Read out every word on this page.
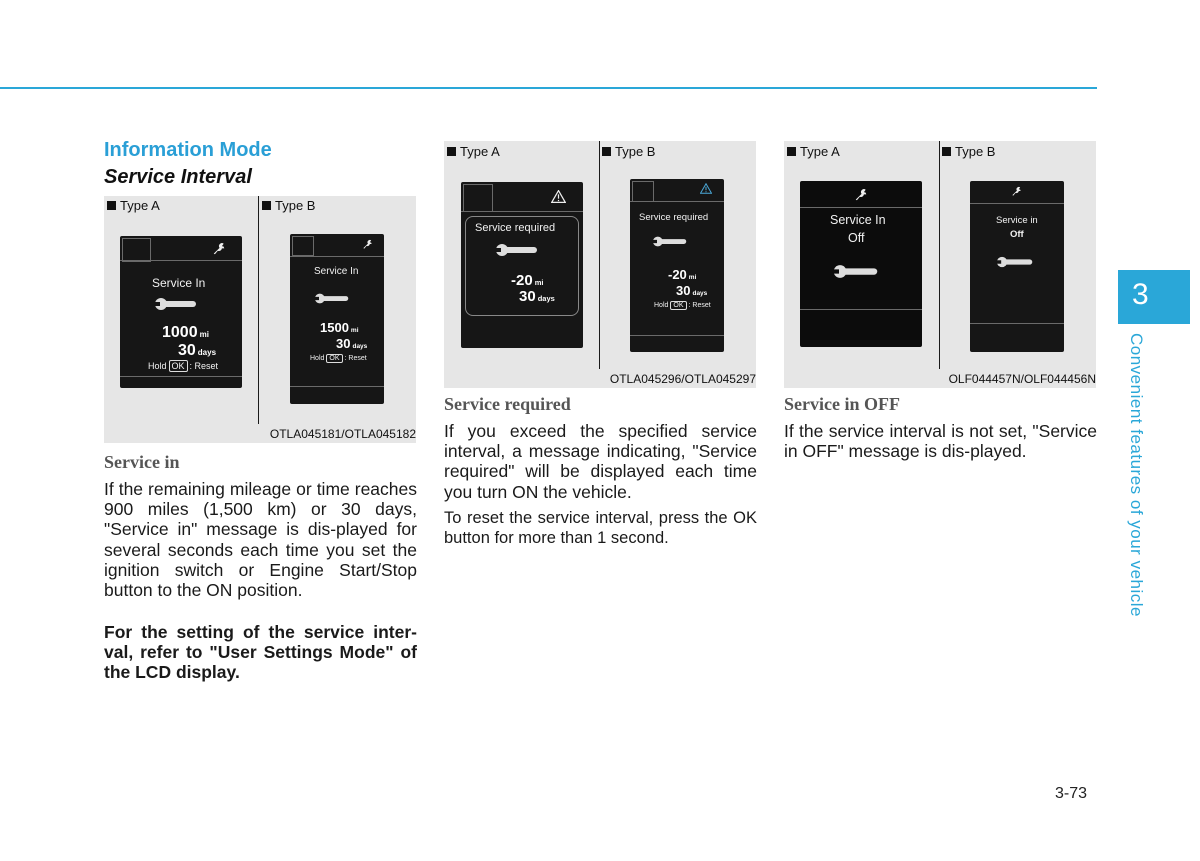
Information Mode
Service Interval
Type A	Type B
Service In
1000 mi
30 days
Hold OK : Reset
Service In
1500 mi
30 days
Hold OK : Reset
OTLA045181/OTLA045182
Type A	Type B
Service required
-20 mi
30 days
Service required
-20 mi
30 days
Hold OK : Reset
OTLA045296/OTLA045297
Type A	Type B
Service In
Off
Service in
Off
OLF044457N/OLF044456N
Service in

If the remaining mileage or time reaches 900 miles (1,500 km) or 30 days, "Service in" message is dis-played for several seconds each time you set the ignition switch or Engine Start/Stop button to the ON position.

For the setting of the service inter-val, refer to "User Settings Mode" of the LCD display.

Service required

If you exceed the specified service interval, a message indicating, "Service required" will be displayed each time you turn ON the vehicle.

To reset the service interval, press the OK button for more than 1 second.

Service in OFF

If the service interval is not set, "Service in OFF" message is dis-played.

3
Convenient features of your vehicle
3-73
